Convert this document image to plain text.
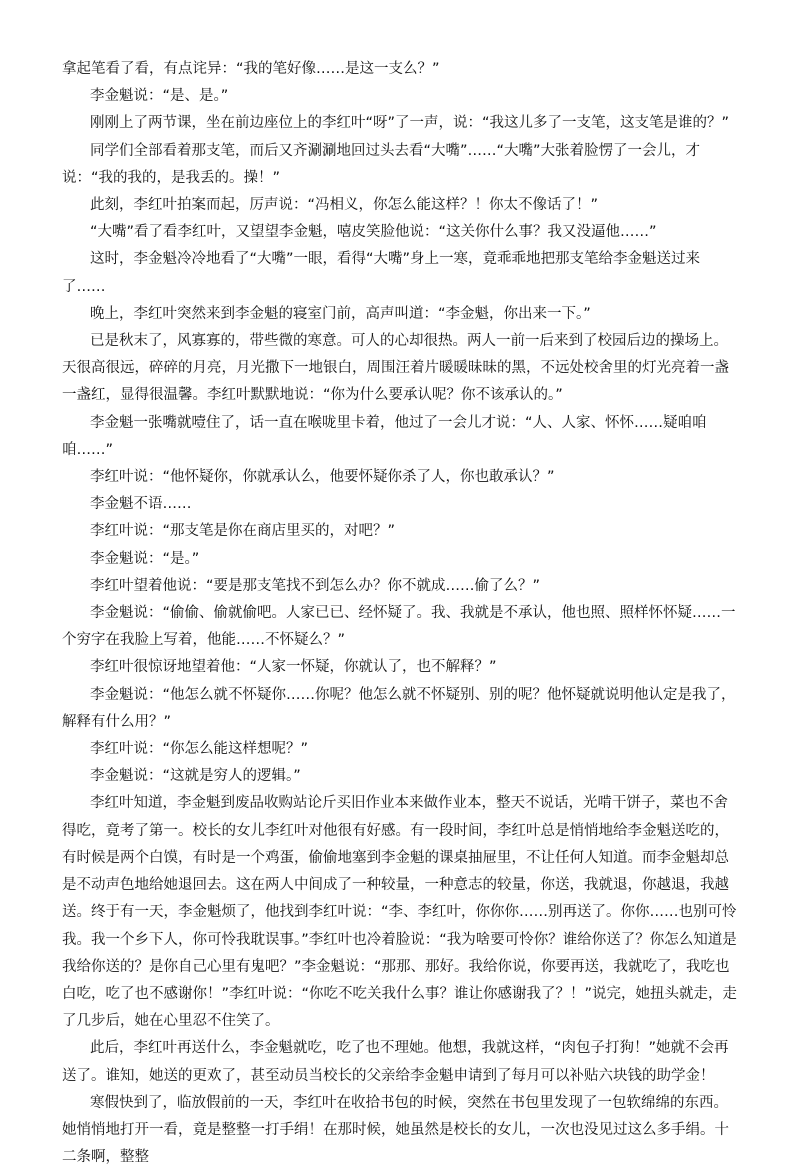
拿起笔看了看，有点诧异：“我的笔好像……是这一支么？”

李金魁说：“是、是。”

刚刚上了两节课，坐在前边座位上的李红叶“呀”了一声，说：“我这儿多了一支笔，这支笔是谁的？”

同学们全部看着那支笔，而后又齐涮涮地回过头去看“大嘴”……“大嘴”大张着脸愣了一会儿，才说：“我的我的，是我丢的。操！”

此刻，李红叶拍案而起，厉声说：“冯相义，你怎么能这样？！你太不像话了！”

“大嘴”看了看李红叶，又望望李金魁，嘻皮笑脸他说：“这关你什么事？我又没逼他……”

这时，李金魁冷冷地看了“大嘴”一眼，看得“大嘴”身上一寒，竟乖乖地把那支笔给李金魁送过来了……

晚上，李红叶突然来到李金魁的寝室门前，高声叫道：“李金魁，你出来一下。”

已是秋末了，风寡寡的，带些微的寒意。可人的心却很热。两人一前一后来到了校园后边的操场上。天很高很远，碎碎的月亮，月光撒下一地银白，周围汪着片暖暖昧昧的黑，不远处校舍里的灯光亮着一盏一盏红，显得很温馨。李红叶默默地说：“你为什么要承认呢？你不该承认的。”

李金魁一张嘴就噎住了，话一直在喉咙里卡着，他过了一会儿才说：“人、人家、怀怀……疑咱咱咱……”

李红叶说：“他怀疑你，你就承认么，他要怀疑你杀了人，你也敢承认？”

李金魁不语……

李红叶说：“那支笔是你在商店里买的，对吧？”

李金魁说：“是。”

李红叶望着他说：“要是那支笔找不到怎么办？你不就成……偷了么？”

李金魁说：“偷偷、偷就偷吧。人家已已、经怀疑了。我、我就是不承认，他也照、照样怀怀疑……一个穷字在我脸上写着，他能……不怀疑么？”

李红叶很惊讶地望着他：“人家一怀疑，你就认了，也不解释？”

李金魁说：“他怎么就不怀疑你……你呢？他怎么就不怀疑别、别的呢？他怀疑就说明他认定是我了，解释有什么用？”

李红叶说：“你怎么能这样想呢？”

李金魁说：“这就是穷人的逻辑。”

李红叶知道，李金魁到废品收购站论斤买旧作业本来做作业本，整天不说话，光啃干饼子，菜也不舍得吃，竟考了第一。校长的女儿李红叶对他很有好感。有一段时间，李红叶总是悄悄地给李金魁送吃的，有时候是两个白馍，有时是一个鸡蛋，偷偷地塞到李金魁的课桌抽屉里，不让任何人知道。而李金魁却总是不动声色地给她退回去。这在两人中间成了一种较量，一种意志的较量，你送，我就退，你越退，我越送。终于有一天，李金魁烦了，他找到李红叶说：“李、李红叶，你你你……别再送了。你你……也别可怜我。我一个乡下人，你可怜我耽误事。”李红叶也冷着脸说：“我为啥要可怜你？谁给你送了？你怎么知道是我给你送的？是你自己心里有鬼吧？”李金魁说：“那那、那好。我给你说，你要再送，我就吃了，我吃也白吃，吃了也不感谢你！”李红叶说：“你吃不吃关我什么事？谁让你感谢我了？！”说完，她扭头就走，走了几步后，她在心里忍不住笑了。

此后，李红叶再送什么，李金魁就吃，吃了也不理她。他想，我就这样，“肉包子打狗！”她就不会再送了。谁知，她送的更欢了，甚至动员当校长的父亲给李金魁申请到了每月可以补贴六块钱的助学金！

寒假快到了，临放假前的一天，李红叶在收拾书包的时候，突然在书包里发现了一包软绵绵的东西。她悄悄地打开一看，竟是整整一打手绢！在那时候，她虽然是校长的女儿，一次也没见过这么多手绢。十二条啊，整整
